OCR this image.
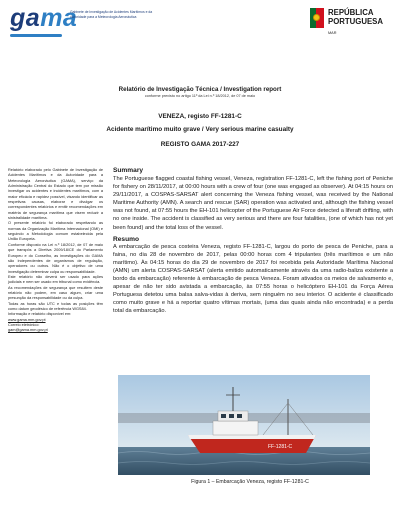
gama
Gabinete de Investigação de Acidentes Marítimos e da Autoridade para a Meteorologia Aeronáutica	REPÚBLICA
PORTUGUESA
MAR
Relatório de Investigação Técnica / Investigation report
conforme previsto no artigo 11º da Lei n.º 18/2012, de 07 de maio
VENEZA, registo FF-1281-C
Acidente marítimo muito grave / Very serious marine casualty
REGISTO GAMA 2017-227

Relatório elaborado pelo Gabinete de Investigação de Acidentes Marítimos e da Autoridade para a Meteorologia Aeronáutica (GAMA), serviço da Administração Central do Estado que tem por missão investigar os acidentes e incidentes marítimos, com a maior eficácia e rapidez possível, visando identificar as respetivas causas, elaborar e divulgar os correspondentes relatórios e emitir recomendações em matéria de segurança marítima que visem reduzir a sinistralidade marítima.

O presente relatório foi elaborado respeitando as normas da Organização Marítima Internacional (OMI) e seguindo a Metodologia comum estabelecida pela União Europeia.

Conforme disposto na Lei n.º 18/2012, de 07 de maio que transpôs a Diretiva 2009/18/CE do Parlamento Europeu e do Conselho, as investigações do GAMA são independentes de organismos de regulação, operadores ou outros. Não é o objetivo de uma investigação determinar culpa ou responsabilidade.

Este relatório não deverá ser usado para ações judiciais e nem ser usado em tribunal como evidência.

As recomendações de segurança que resultem deste relatório não podem, em caso algum, criar uma presunção da responsabilidade ou da culpa.

Todas as horas são UTC e todas as posições têm como datum geodésico de referência WGS84.

Informação e relatório disponível em:

www.gama.mm.gov.pt

Correio eletrónico:

gam@gama.mm.gov.pt

Summary

The Portuguese flagged coastal fishing vessel, Veneza, registration FF-1281-C, left the fishing port of Peniche for fishery on 28/11/2017, at 00:00 hours with a crew of four (one was engaged as observer). At 04:15 hours on 29/11/2017, a COSPAS-SARSAT alert concerning the Veneza fishing vessel, was received by the National Maritime Authority (AMN). A search and rescue (SAR) operation was activated and, although the fishing vessel was not found, at 07:55 hours the EH-101 helicopter of the Portuguese Air Force detected a liferaft drifting, with no one inside. The accident is classified as very serious and there are four fatalities, (one of which has not yet been found) and the total loss of the vessel.

Resumo

A embarcação de pesca costeira Veneza, registo FF-1281-C, largou do porto de pesca de Peniche, para a faina, no dia 28 de novembro de 2017, pelas 00:00 horas com 4 tripulantes (três marítimos e um não marítimo). Às 04:15 horas do dia 29 de novembro de 2017 foi recebida pela Autoridade Marítima Nacional (AMN) um alerta COSPAS-SARSAT (alerta emitido automaticamente através da uma radio-baliza existente a bordo da embarcação) referente à embarcação de pesca Veneza. Foram ativados os meios de salvamento e, apesar de não ter sido avistada a embarcação, às 07:55 horas o helicóptero EH-101 da Força Aérea Portuguesa detetou uma balsa salva-vidas à deriva, sem ninguém no seu interior. O acidente é classificado como muito grave e há a reportar quatro vítimas mortais, (uma das quais ainda não encontrada) e a perda total da embarcação.

FF-1281-C
Figura 1 – Embarcação Veneza, registo FF-1281-C
